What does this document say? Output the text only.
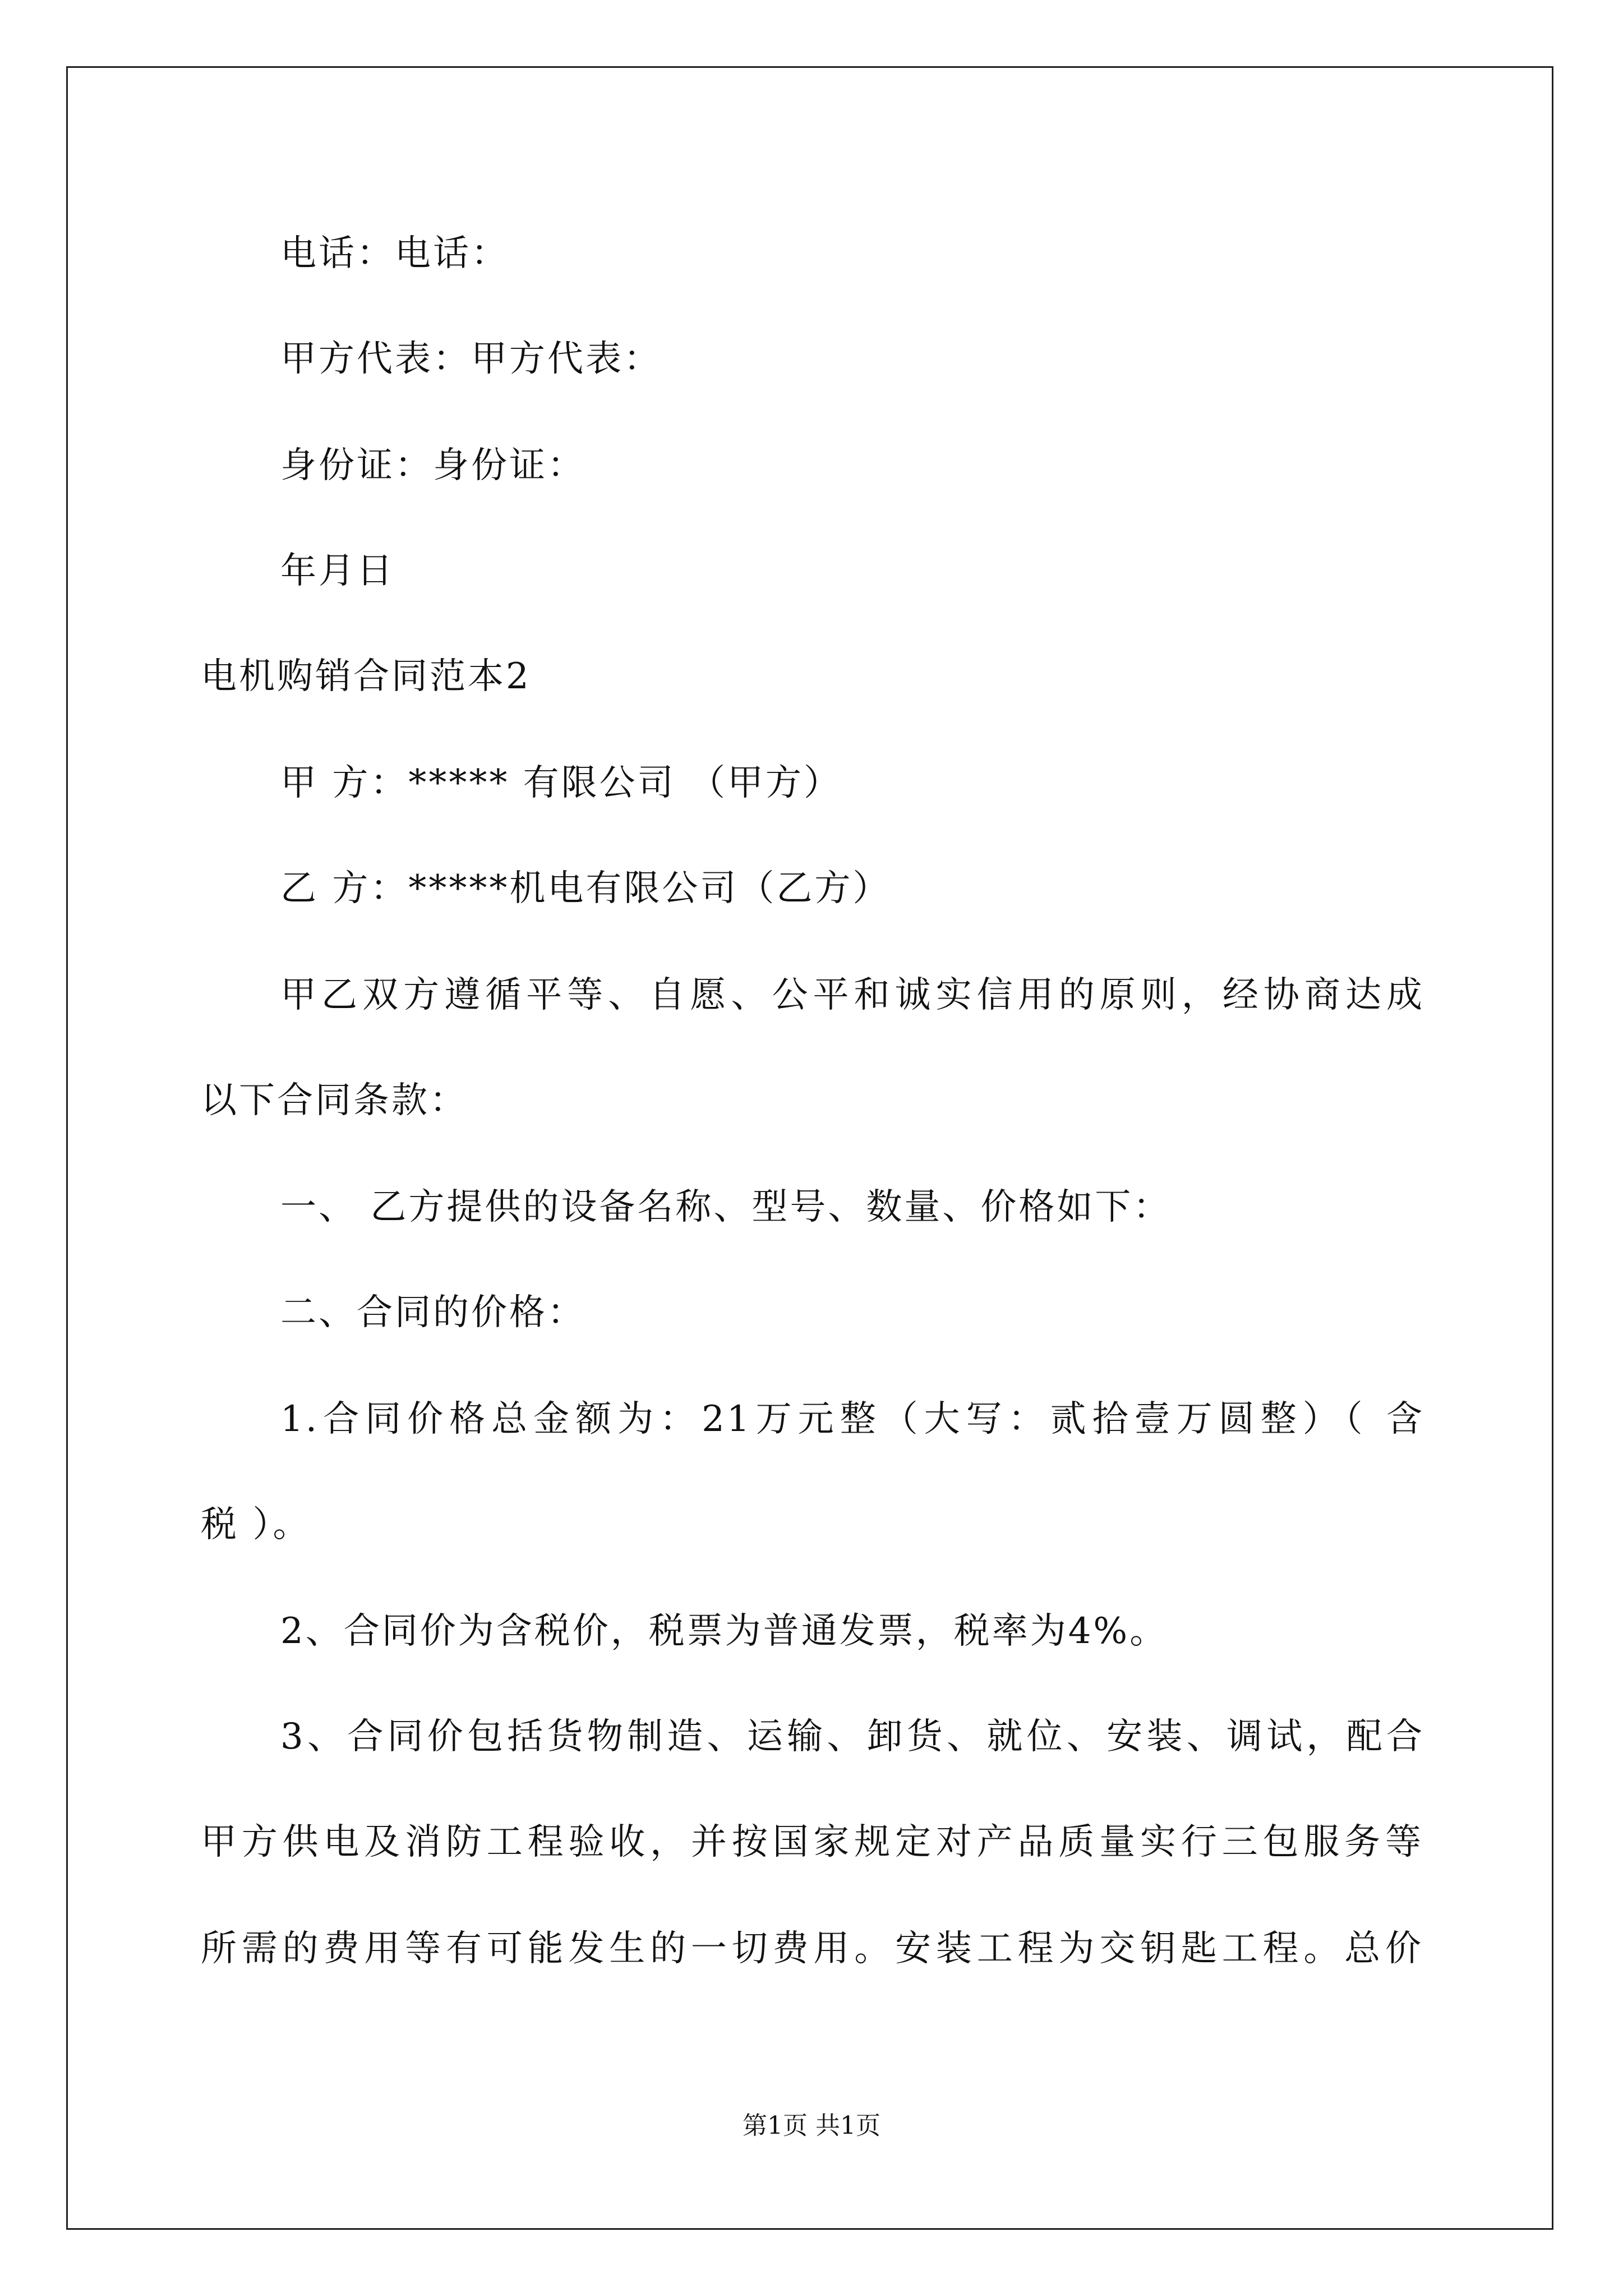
电话：电话：
甲方代表：甲方代表：
身份证：身份证：
年月日
电机购销合同范本2
甲 方：***** 有限公司 （甲方）
乙 方：*****机电有限公司（乙方）
甲乙双方遵循平等、自愿、公平和诚实信用的原则，经协商达成
以下合同条款：
一、 乙方提供的设备名称、型号、数量、价格如下：
二、合同的价格：
1.合同价格总金额为：21万元整（大写：贰拾壹万圆整）（ 含
税 ）。
2、合同价为含税价，税票为普通发票，税率为4%。
3、合同价包括货物制造、运输、卸货、就位、安装、调试，配合
甲方供电及消防工程验收，并按国家规定对产品质量实行三包服务等
所需的费用等有可能发生的一切费用。安装工程为交钥匙工程。总价
第1页 共1页
